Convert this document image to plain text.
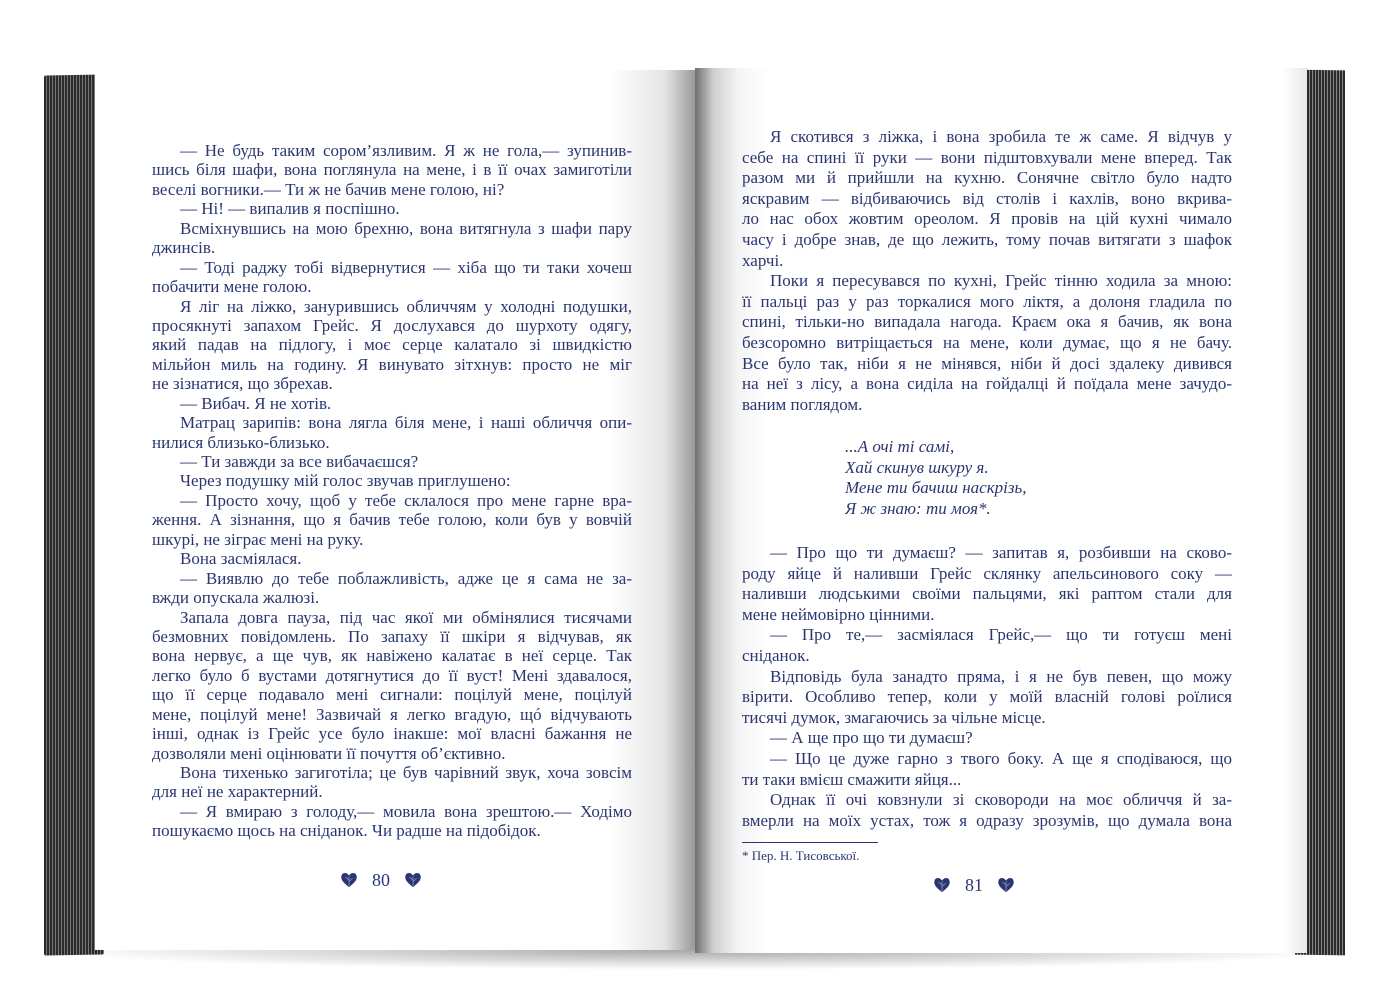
— Не будь таким сором’язливим. Я ж не гола,— зупинив-
шись біля шафи, вона поглянула на мене, і в її очах замиготіли
веселі вогники.— Ти ж не бачив мене голою, ні?
— Ні! — випалив я поспішно.
Всміхнувшись на мою брехню, вона витягнула з шафи пару
джинсів.
— Тоді раджу тобі відвернутися — хіба що ти таки хочеш
побачити мене голою.
Я ліг на ліжко, занурившись обличчям у холодні подушки,
просякнуті запахом Грейс. Я дослухався до шурхоту одягу,
який падав на підлогу, і моє серце калатало зі швидкістю
мільйон миль на годину. Я винувато зітхнув: просто не міг
не зізнатися, що збрехав.
— Вибач. Я не хотів.
Матрац зарипів: вона лягла біля мене, і наші обличчя опи-
нилися близько-близько.
— Ти завжди за все вибачаєшся?
Через подушку мій голос звучав приглушено:
— Просто хочу, щоб у тебе склалося про мене гарне вра-
ження. А зізнання, що я бачив тебе голою, коли був у вовчій
шкурі, не зіграє мені на руку.
Вона засміялася.
— Виявлю до тебе поблажливість, адже це я сама не за-
вжди опускала жалюзі.
Запала довга пауза, під час якої ми обмінялися тисячами
безмовних повідомлень. По запаху її шкіри я відчував, як
вона нервує, а ще чув, як навіжено калатає в неї серце. Так
легко було б вустами дотягнутися до її вуст! Мені здавалося,
що її серце подавало мені сигнали: поцілуй мене, поцілуй
мене, поцілуй мене! Зазвичай я легко вгадую, щó відчувають
інші, однак із Грейс усе було інакше: мої власні бажання не
дозволяли мені оцінювати її почуття об’єктивно.
Вона тихенько загиготіла; це був чарівний звук, хоча зовсім
для неї не характерний.
— Я вмираю з голоду,— мовила вона зрештою.— Ходімо
пошукаємо щось на сніданок. Чи радше на підобідок.
80
Я скотився з ліжка, і вона зробила те ж саме. Я відчув у
себе на спині її руки — вони підштовхували мене вперед. Так
разом ми й прийшли на кухню. Сонячне світло було надто
яскравим — відбиваючись від столів і кахлів, воно вкрива-
ло нас обох жовтим ореолом. Я провів на цій кухні чимало
часу і добре знав, де що лежить, тому почав витягати з шафок
харчі.
Поки я пересувався по кухні, Грейс тінню ходила за мною:
її пальці раз у раз торкалися мого ліктя, а долоня гладила по
спині, тільки-но випадала нагода. Краєм ока я бачив, як вона
безсоромно витріщається на мене, коли думає, що я не бачу.
Все було так, ніби я не мінявся, ніби й досі здалеку дивився
на неї з лісу, а вона сиділа на гойдалці й поїдала мене зачудо-
ваним поглядом.
...А очі ті самі,
Хай скинув шкуру я.
Мене ти бачиш наскрізь,
Я ж знаю: ти моя*.
— Про що ти думаєш? — запитав я, розбивши на сково-
роду яйце й наливши Грейс склянку апельсинового соку —
наливши людськими своїми пальцями, які раптом стали для
мене неймовірно цінними.
— Про те,— засміялася Грейс,— що ти готуєш мені
сніданок.
Відповідь була занадто пряма, і я не був певен, що можу
вірити. Особливо тепер, коли у моїй власній голові роїлися
тисячі думок, змагаючись за чільне місце.
— А ще про що ти думаєш?
— Що це дуже гарно з твого боку. А ще я сподіваюся, що
ти таки вмієш смажити яйця...
Однак її очі ковзнули зі сковороди на моє обличчя й за-
вмерли на моїх устах, тож я одразу зрозумів, що думала вона
* Пер. Н. Тисовської.
81
